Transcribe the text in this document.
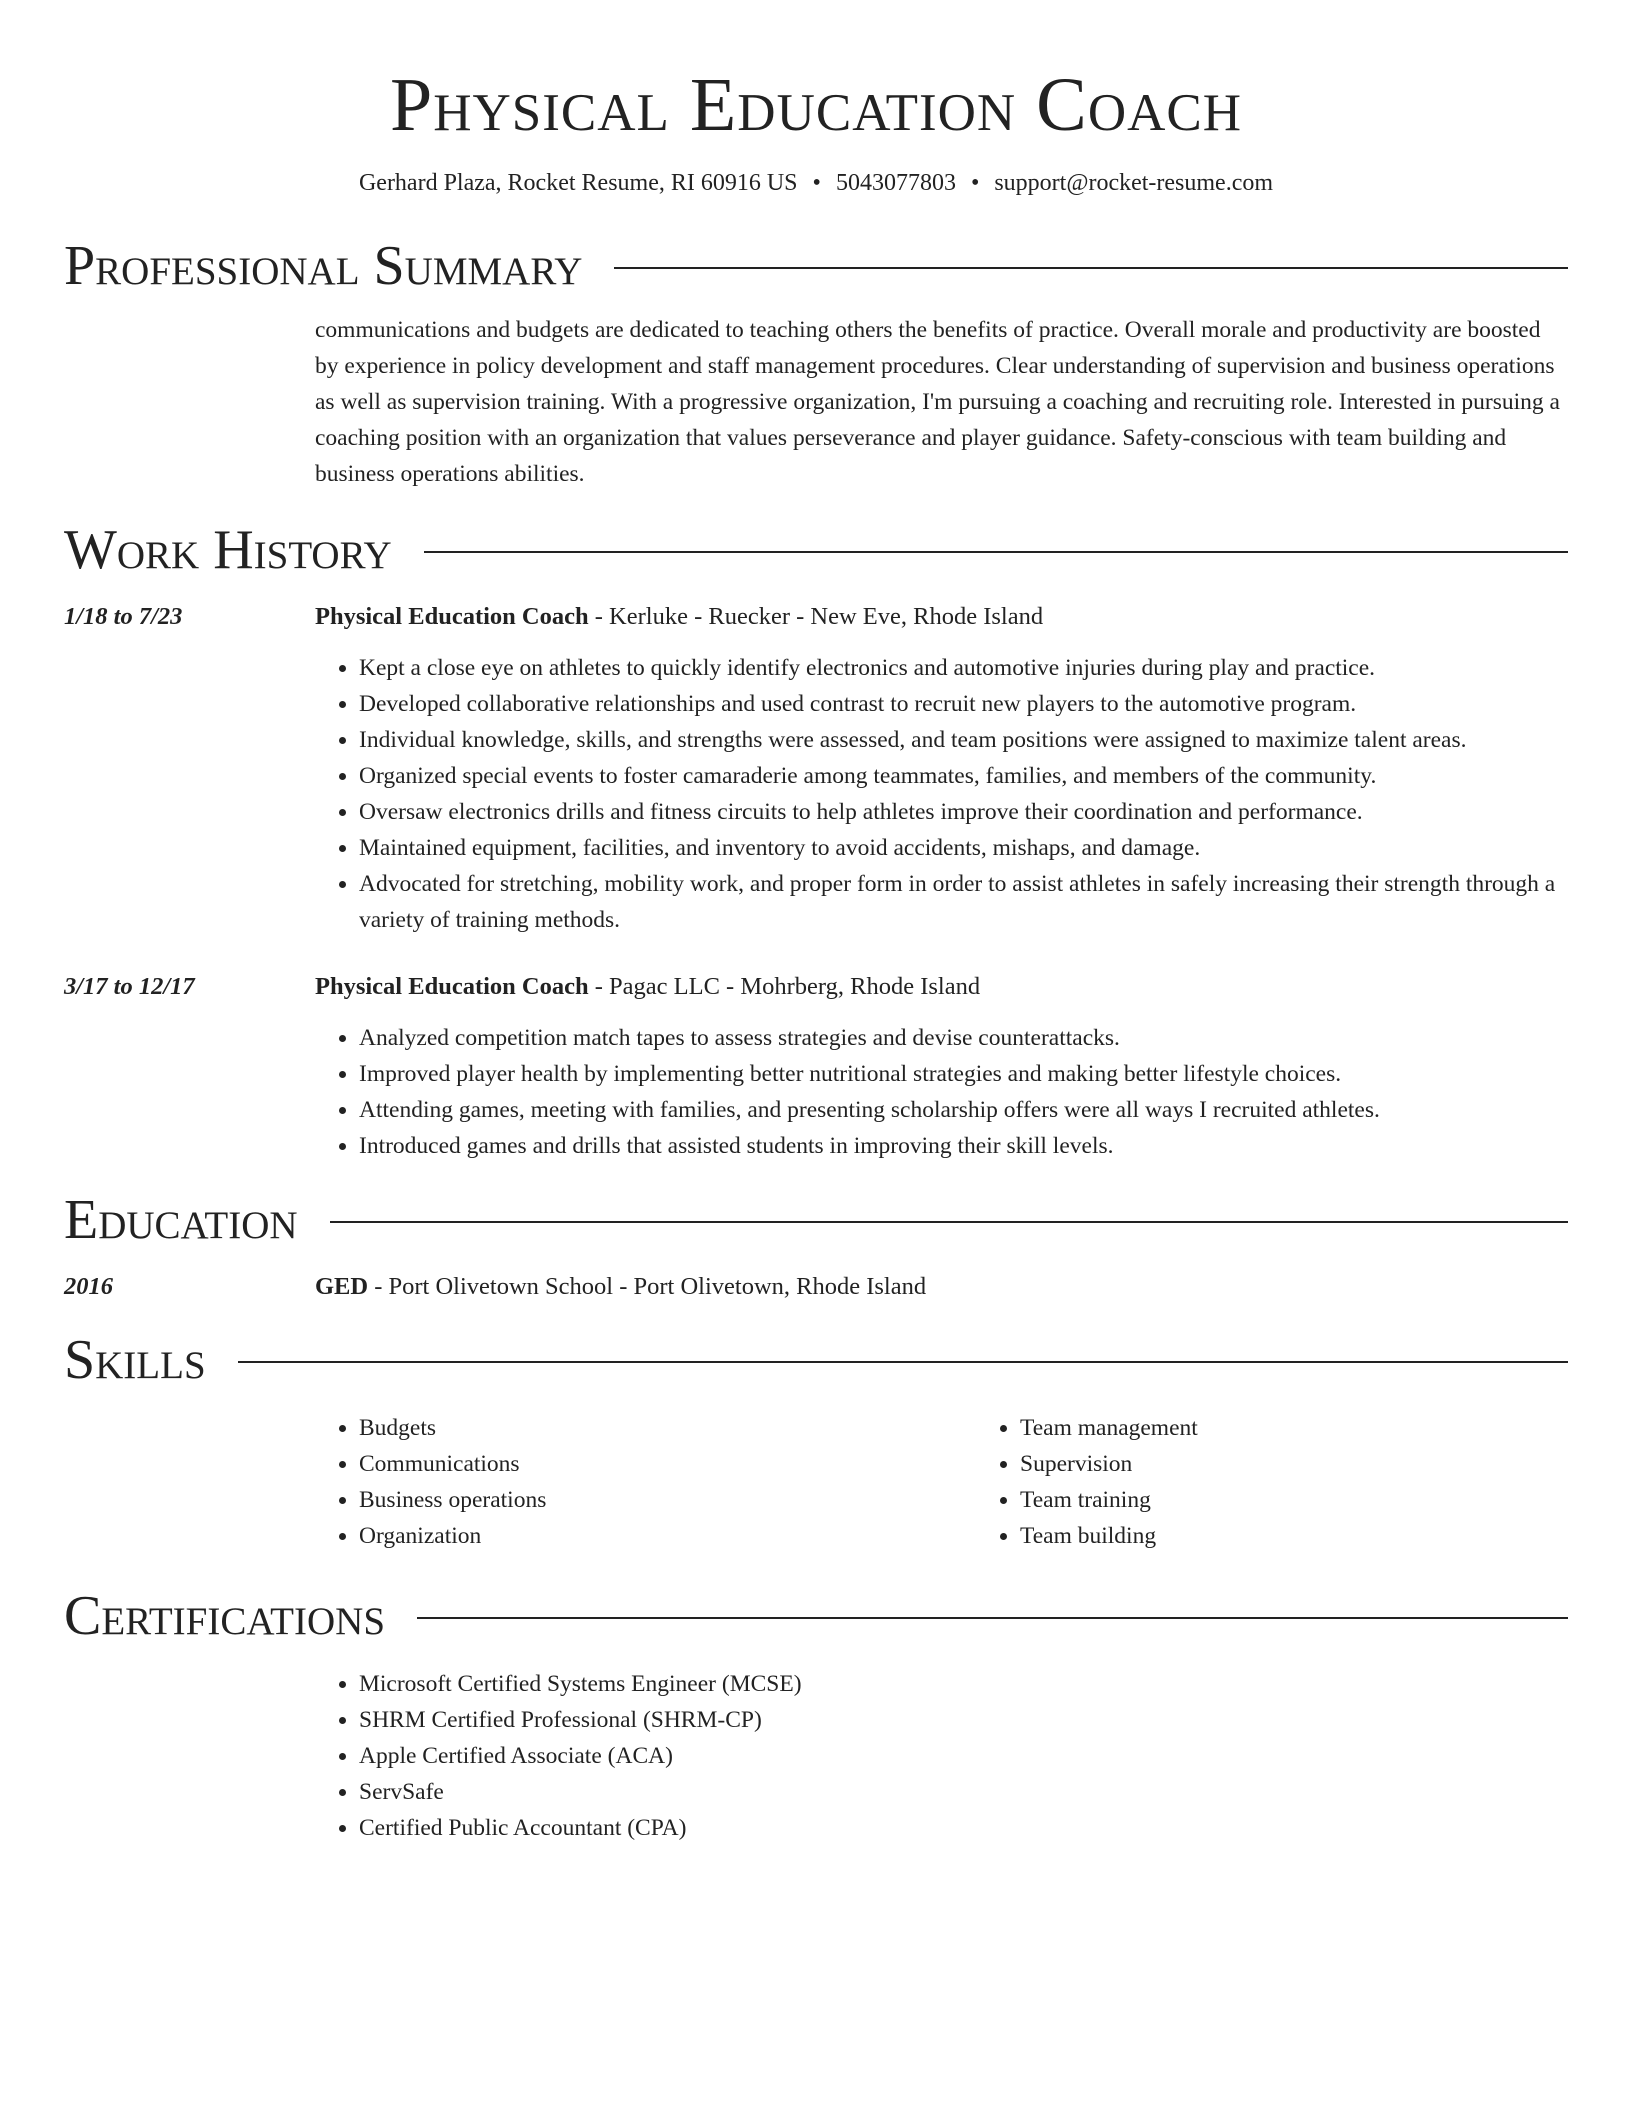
Physical Education Coach
Gerhard Plaza, Rocket Resume, RI 60916 US • 5043077803 • support@rocket-resume.com
Professional Summary

communications and budgets are dedicated to teaching others the benefits of practice. Overall morale and productivity are boosted by experience in policy development and staff management procedures. Clear understanding of supervision and business operations as well as supervision training. With a progressive organization, I'm pursuing a coaching and recruiting role. Interested in pursuing a coaching position with an organization that values perseverance and player guidance. Safety-conscious with team building and business operations abilities.

Work History
1/18 to 7/23	Physical Education Coach - Kerluke - Ruecker - New Eve, Rhode Island
• Kept a close eye on athletes to quickly identify electronics and automotive injuries during play and practice.
• Developed collaborative relationships and used contrast to recruit new players to the automotive program.
• Individual knowledge, skills, and strengths were assessed, and team positions were assigned to maximize talent areas.
• Organized special events to foster camaraderie among teammates, families, and members of the community.
• Oversaw electronics drills and fitness circuits to help athletes improve their coordination and performance.
• Maintained equipment, facilities, and inventory to avoid accidents, mishaps, and damage.
• Advocated for stretching, mobility work, and proper form in order to assist athletes in safely increasing their strength through a variety of training methods.
3/17 to 12/17	Physical Education Coach - Pagac LLC - Mohrberg, Rhode Island
• Analyzed competition match tapes to assess strategies and devise counterattacks.
• Improved player health by implementing better nutritional strategies and making better lifestyle choices.
• Attending games, meeting with families, and presenting scholarship offers were all ways I recruited athletes.
• Introduced games and drills that assisted students in improving their skill levels.
Education
2016	GED - Port Olivetown School - Port Olivetown, Rhode Island
Skills
• Budgets
• Communications
• Business operations
• Organization
• Team management
• Supervision
• Team training
• Team building
Certifications
• Microsoft Certified Systems Engineer (MCSE)
• SHRM Certified Professional (SHRM-CP)
• Apple Certified Associate (ACA)
• ServSafe
• Certified Public Accountant (CPA)
